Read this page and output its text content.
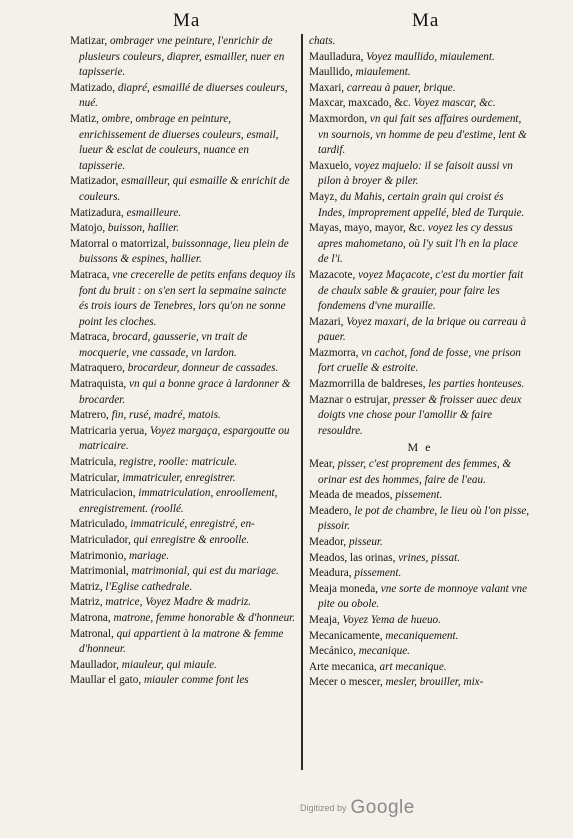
Ma	Ma

Matizar, ombrager vne peinture, l'enrichir de plusieurs couleurs, diaprer, esmailler, nuer en tapisserie.

Matizado, diapré, esmaillé de diuerses couleurs, nué.

Matiz, ombre, ombrage en peinture, enrichissement de diuerses couleurs, esmail, lueur & esclat de couleurs, nuance en tapisserie.

Matizador, esmailleur, qui esmaille & enrichit de couleurs.

Matizadura, esmailleure.

Matojo, buisson, hallier.

Matorral o matorrizal, buissonnage, lieu plein de buissons & espines, hallier.

Matraca, vne crecerelle de petits enfans dequoy ils font du bruit : on s'en sert la sepmaine saincte és trois iours de Tenebres, lors qu'on ne sonne point les cloches.

Matraca, brocard, gausserie, vn trait de mocquerie, vne cassade, vn lardon.

Matraquero, brocardeur, donneur de cassades.

Matraquista, vn qui a bonne grace à lardonner & brocarder.

Matrero, fin, rusé, madré, matois.

Matricaria yerua, Voyez margaça, espargoutte ou matricaire.

Matricula, registre, roolle: matricule.

Matricular, immatriculer, enregistrer.

Matriculacion, immatriculation, enroollement, enregistrement. (roollé.

Matriculado, immatriculé, enregistré, en-

Matriculador, qui enregistre & enroolle.

Matrimonio, mariage.

Matrimonial, matrimonial, qui est du mariage.

Matriz, l'Eglise cathedrale.

Matriz, matrice, Voyez Madre & madriz.

Matrona, matrone, femme honorable & d'honneur.

Matronal, qui appartient à la matrone & femme d'honneur.

Maullador, miauleur, qui miaule.

Maullar el gato, miauler comme font les

chats.

Maulladura, Voyez maullido, miaulement.

Maullido, miaulement.

Maxari, carreau à pauer, brique.

Maxcar, maxcado, &c. Voyez mascar, &c.

Maxmordon, vn qui fait ses affaires ourdement, vn sournois, vn homme de peu d'estime, lent & tardif.

Maxuelo, voyez majuelo: il se faisoit aussi vn pilon à broyer & piler.

Mayz, du Mahis, certain grain qui croist és Indes, improprement appellé, bled de Turquie.

Mayas, mayo, mayor, &c. voyez les cy dessus apres mahometano, où l'y suit l'h en la place de l'i.

Mazacote, voyez Maçacote, c'est du mortier fait de chaulx sable & grauier, pour faire les fondemens d'vne muraille.

Mazari, Voyez maxari, de la brique ou carreau à pauer.

Mazmorra, vn cachot, fond de fosse, vne prison fort cruelle & estroite.

Mazmorrilla de baldreses, les parties honteuses.

Maznar o estrujar, presser & froisser auec deux doigts vne chose pour l'amollir & faire resouldre.

M e

Mear, pisser, c'est proprement des femmes, & orinar est des hommes, faire de l'eau.

Meada de meados, pissement.

Meadero, le pot de chambre, le lieu où l'on pisse, pissoir.

Meador, pisseur.

Meados, las orinas, vrines, pissat.

Meadura, pissement.

Meaja moneda, vne sorte de monnoye valant vne pite ou obole.

Meaja, Voyez Yema de hueuo.

Mecanicamente, mecaniquement.

Mecánico, mecanique.

Arte mecanica, art mecanique.

Mecer o mescer, mesler, brouiller, mix-

Digitized by Google
